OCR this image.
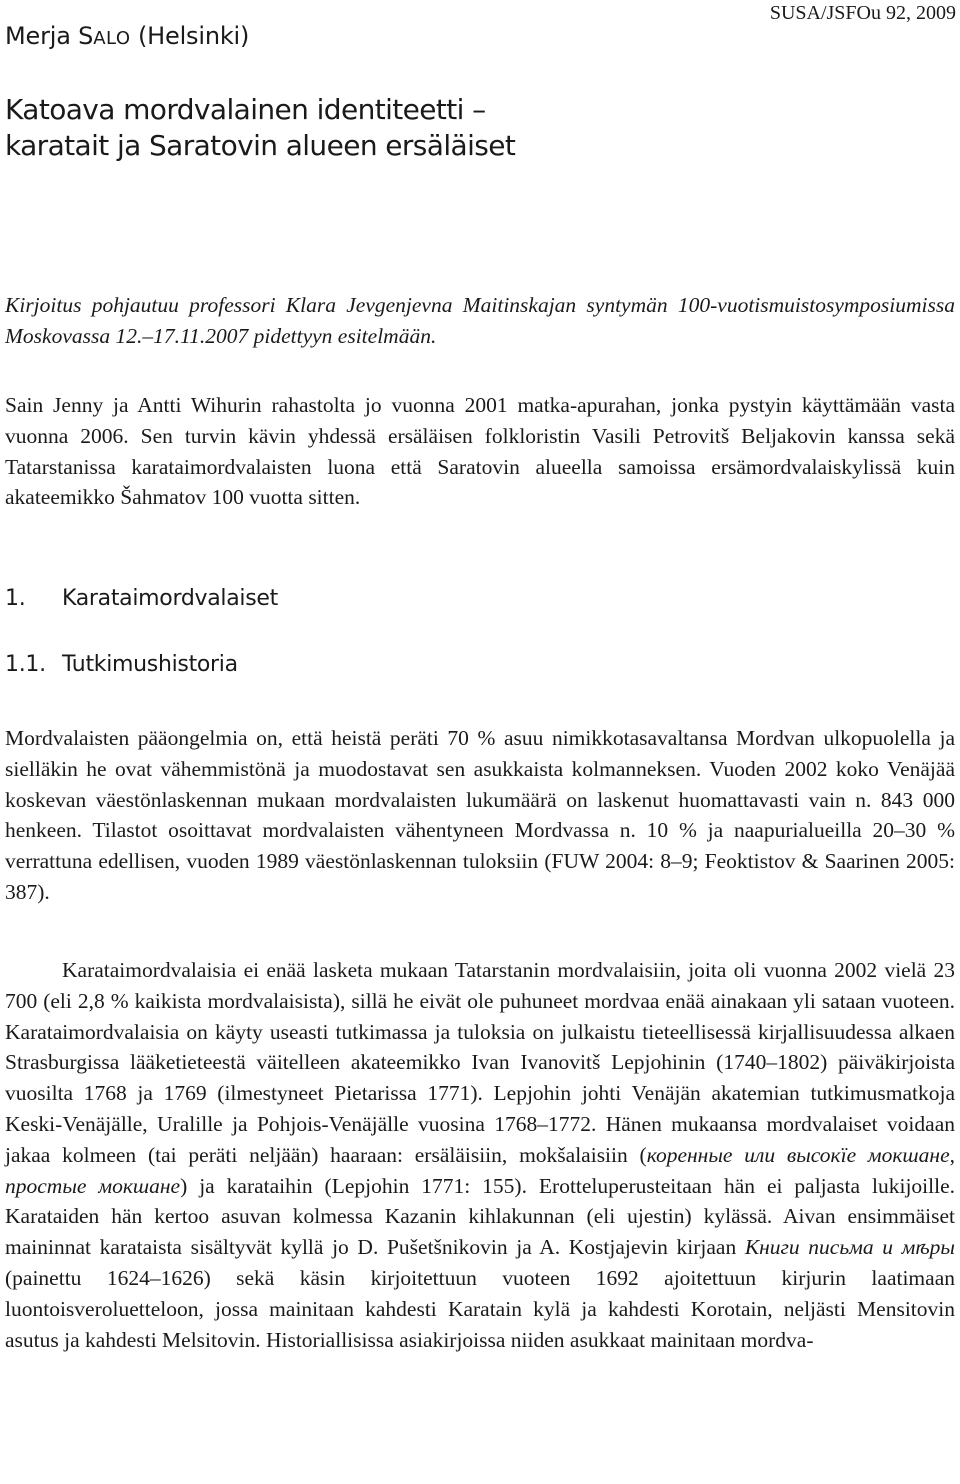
Merja SALO (Helsinki)
SUSA/JSFOu 92, 2009
Katoava mordvalainen identiteetti –
karatait ja Saratovin alueen ersäläiset

Kirjoitus pohjautuu professori Klara Jevgenjevna Maitinskajan syntymän 100-vuotismuistosymposiumissa Moskovassa 12.–17.11.2007 pidettyyn esitelmään.

Sain Jenny ja Antti Wihurin rahastolta jo vuonna 2001 matka-apurahan, jonka pystyin käyttämään vasta vuonna 2006. Sen turvin kävin yhdessä ersäläisen folkloristin Vasili Petrovitš Beljakovin kanssa sekä Tatarstanissa karataimordvalaisten luona että Saratovin alueella samoissa ersämordvalaiskylissä kuin akateemikko Šahmatov 100 vuotta sitten.

1. Karataimordvalaiset
1.1. Tutkimushistoria

Mordvalaisten pääongelmia on, että heistä peräti 70 % asuu nimikkotasavaltansa Mordvan ulkopuolella ja sielläkin he ovat vähemmistönä ja muodostavat sen asukkaista kolmanneksen. Vuoden 2002 koko Venäjää koskevan väestönlaskennan mukaan mordvalaisten lukumäärä on laskenut huomattavasti vain n. 843 000 henkeen. Tilastot osoittavat mordvalaisten vähentyneen Mordvassa n. 10 % ja naapurialueilla 20–30 % verrattuna edellisen, vuoden 1989 väestönlaskennan tuloksiin (FUW 2004: 8–9; Feoktistov & Saarinen 2005: 387).

Karataimordvalaisia ei enää lasketa mukaan Tatarstanin mordvalaisiin, joita oli vuonna 2002 vielä 23 700 (eli 2,8 % kaikista mordvalaisista), sillä he eivät ole puhuneet mordvaa enää ainakaan yli sataan vuoteen. Karataimordvalaisia on käyty useasti tutkimassa ja tuloksia on julkaistu tieteellisessä kirjallisuudessa alkaen Strasburgissa lääketieteestä väitelleen akateemikko Ivan Ivanovitš Lepjohinin (1740–1802) päiväkirjoista vuosilta 1768 ja 1769 (ilmestyneet Pietarissa 1771). Lepjohin johti Venäjän akatemian tutkimusmatkoja Keski-Venäjälle, Uralille ja Pohjois-Venäjälle vuosina 1768–1772. Hänen mukaansa mordvalaiset voidaan jakaa kolmeen (tai peräti neljään) haaraan: ersäläisiin, mokšalaisiin (коренные или высокïе мокшане, простые мокшане) ja karataihin (Lepjohin 1771: 155). Erotteluperusteitaan hän ei paljasta lukijoille. Karataiden hän kertoo asuvan kolmessa Kazanin kihlakunnan (eli ujestin) kylässä. Aivan ensimmäiset maininnat karataista sisältyvät kyllä jo D. Pušetšnikovin ja A. Kostjajevin kirjaan Книги письма и мѣры (painettu 1624–1626) sekä käsin kirjoitettuun vuoteen 1692 ajoitettuun kirjurin laatimaan luontoisveroluetteloon, jossa mainitaan kahdesti Karatain kylä ja kahdesti Korotain, neljästi Mensitovin asutus ja kahdesti Melsitovin. Historiallisissa asiakirjoissa niiden asukkaat mainitaan mordva-
